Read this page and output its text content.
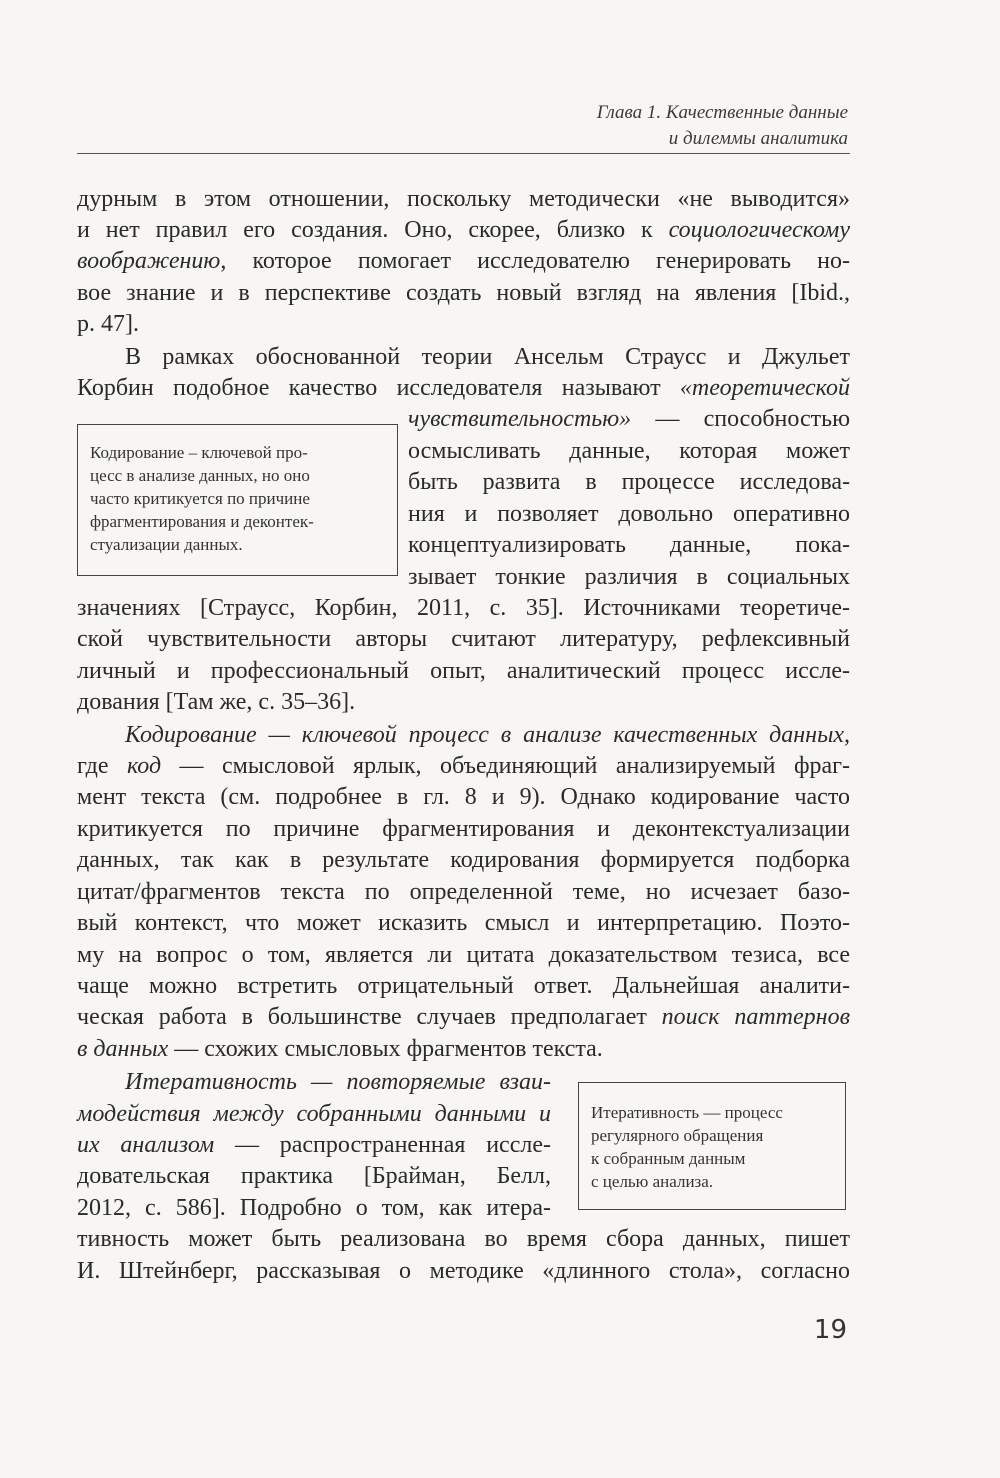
Глава 1. Качественные данные
и дилеммы аналитика
дурным в этом отношении, поскольку методически «не выводится»
и нет правил его создания. Оно, скорее, близко к социологическому
воображению, которое помогает исследователю генерировать но-
вое знание и в перспективе создать новый взгляд на явления [Ibid.,
p. 47].
В рамках обоснованной теории Ансельм Страусс и Джульет
Корбин подобное качество исследователя называют «теоретической
чувствительностью» — способностью
осмысливать данные, которая может
быть развита в процессе исследова-
ния и позволяет довольно оперативно
концептуализировать данные, пока-
зывает тонкие различия в социальных
значениях [Страусс, Корбин, 2011, с. 35]. Источниками теоретиче-
ской чувствительности авторы считают литературу, рефлексивный
личный и профессиональный опыт, аналитический процесс иссле-
дования [Там же, с. 35–36].
Кодирование — ключевой процесс в анализе качественных данных,
где код — смысловой ярлык, объединяющий анализируемый фраг-
мент текста (см. подробнее в гл. 8 и 9). Однако кодирование часто
критикуется по причине фрагментирования и деконтекстуализации
данных, так как в результате кодирования формируется подборка
цитат/фрагментов текста по определенной теме, но исчезает базо-
вый контекст, что может исказить смысл и интерпретацию. Поэто-
му на вопрос о том, является ли цитата доказательством тезиса, все
чаще можно встретить отрицательный ответ. Дальнейшая аналити-
ческая работа в большинстве случаев предполагает поиск паттернов
в данных — схожих смысловых фрагментов текста.
Итеративность — повторяемые взаи-
модействия между собранными данными и
их анализом — распространенная иссле-
довательская практика [Брайман, Белл,
2012, с. 586]. Подробно о том, как итера-
тивность может быть реализована во время сбора данных, пишет
И. Штейнберг, рассказывая о методике «длинного стола», согласно
Кодирование – ключевой про-
цесс в анализе данных, но оно
часто критикуется по причине
фрагментирования и деконтек-
стуализации данных.
Итеративность — процесс
регулярного обращения
к собранным данным
с целью анализа.
19
